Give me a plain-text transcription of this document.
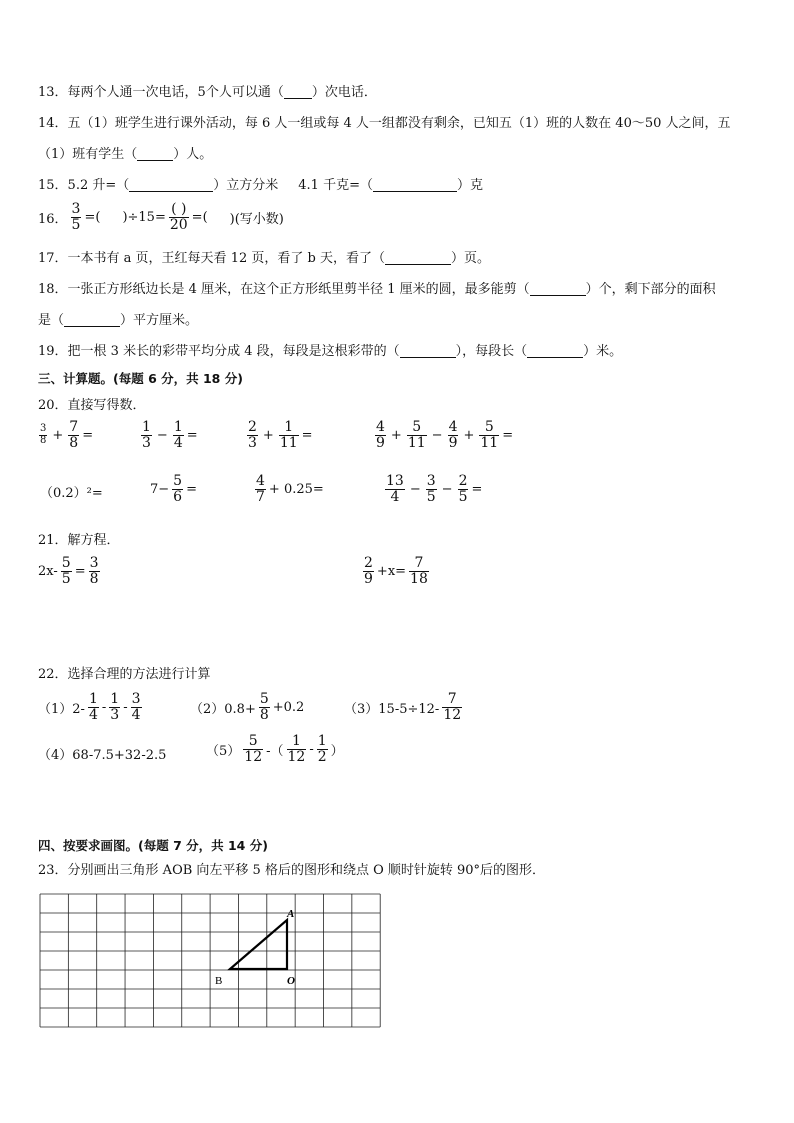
13．每两个人通一次电话，5个人可以通（ ）次电话．
14．五（1）班学生进行课外活动，每 6 人一组或每 4 人一组都没有剩余，已知五（1）班的人数在 40～50 人之间，五
（1）班有学生（	）人。
15．5.2 升=（	）立方分米 4.1 千克=（	）克
16． $\frac{3}{5}$ =( )$\div 15= \frac{( )}{20}$ =( )(写小数)
17．一本书有 a 页，王红每天看 12 页，看了 b 天，看了（	）页。
18．一张正方形纸边长是 4 厘米，在这个正方形纸里剪半径 1 厘米的圆，最多能剪（	）个，剩下部分的面积
是（	）平方厘米。
19．把一根 3 米长的彩带平均分成 4 段，每段是这根彩带的（	），每段长（	）米。
三、计算题。(每题 6 分，共 18 分)
20．直接写得数．
$\frac{3}{8} + \frac{7}{8}$ =	$\frac{1}{3} - \frac{1}{4}$ =	$\frac{2}{3} + \frac{1}{11}$ =	$\frac{4}{9} + \frac{5}{11} - \frac{4}{9} + \frac{5}{11}$ =
（0.2）²=	$7- \frac{5}{6}$ =	$\frac{4}{7} + 0.25=$	$\frac{13}{4} - \frac{3}{5} - \frac{2}{5}$ =
21．解方程．
$2x- \frac{5}{5} = \frac{3}{8}$	$\frac{2}{9} +x= \frac{7}{18}$
22．选择合理的方法进行计算
$(1)2- \frac{1}{4} - \frac{1}{3} - \frac{3}{4}$	$(2)0.8+ \frac{5}{8} +0.2$	$(3)15-5\div 12- \frac{7}{12}$
（4）68-7.5+32-2.5	$(5) \frac{5}{12}$ -（ $\frac{1}{12} - \frac{1}{2}$ ）
四、按要求画图。(每题 7 分，共 14 分)
23．分别画出三角形 AOB 向左平移 5 格后的图形和绕点 O 顺时针旋转 90°后的图形．
A
B	O
